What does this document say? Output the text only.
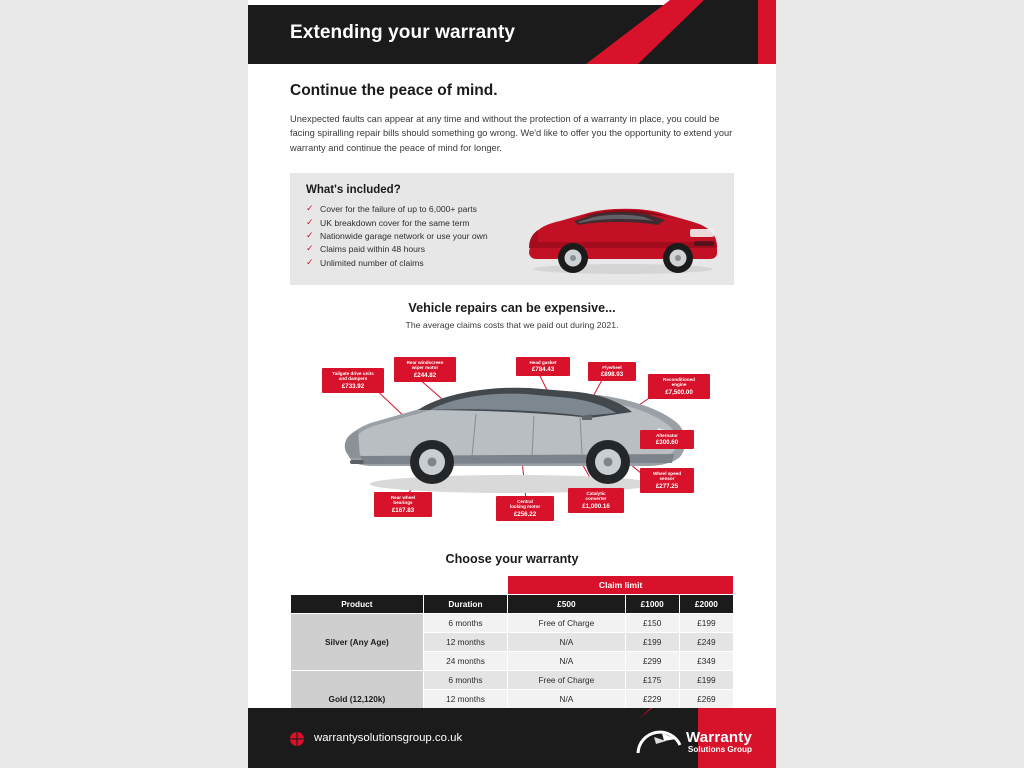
Extending your warranty
Continue the peace of mind.

Unexpected faults can appear at any time and without the protection of a warranty in place, you could be facing spiralling repair bills should something go wrong. We'd like to offer you the opportunity to extend your warranty and continue the peace of mind for longer.

What's included?
✓ Cover for the failure of up to 6,000+ parts
✓ UK breakdown cover for the same term
✓ Nationwide garage network or use your own
✓ Claims paid within 48 hours
✓ Unlimited number of claims
Vehicle repairs can be expensive...

The average claims costs that we paid out during 2021.

Tailgate drive units
and dampers
£733.92
Rear windscreen
wiper motor
£244.82
Head gasket
£784.43	Flywheel
£898.93
Reconditioned
engine
£7,500.00
Alternator
£300.60
Wheel speed
sensor
£277.25
Catalytic
converter
£1,000.16
Central
locking motor
£256.22
Rear wheel
bearings
£167.83
Choose your warranty
		Claim limit		
Product	Duration	£500	£1000	£2000
Silver (Any Age)	6 months	Free of Charge	£150	£199
	12 months	N/A	£199	£249
	24 months	N/A	£299	£349
Gold (12,120k)	6 months	Free of Charge	£175	£199
	12 months	N/A	£229	£269

warrantysolutionsgroup.co.uk	Warranty
Solutions Group
